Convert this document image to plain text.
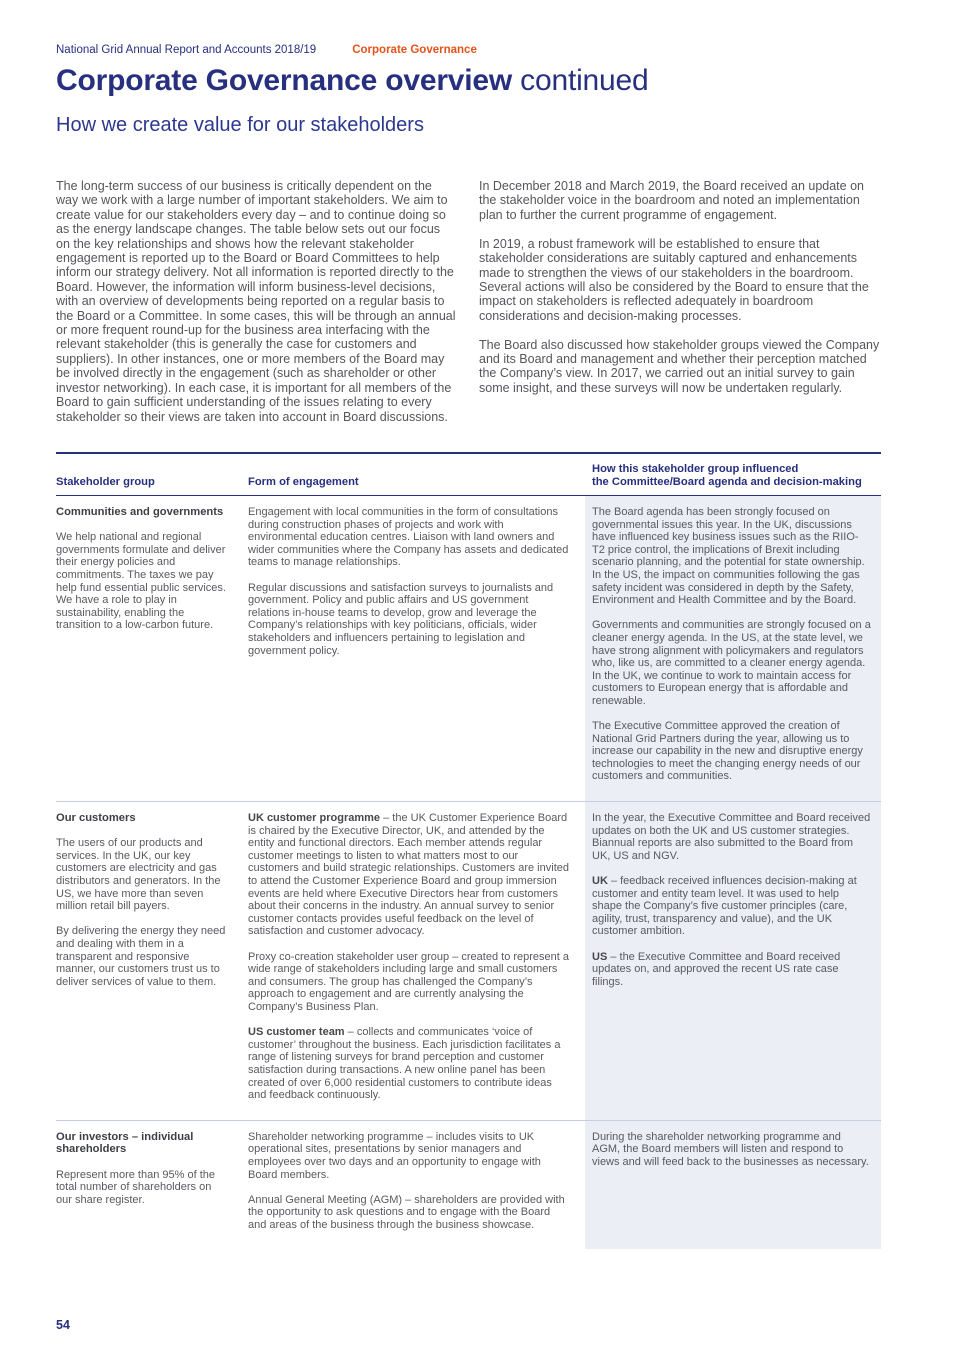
National Grid Annual Report and Accounts 2018/19	Corporate Governance
Corporate Governance overview continued
How we create value for our stakeholders

The long-term success of our business is critically dependent on the way we work with a large number of important stakeholders. We aim to create value for our stakeholders every day – and to continue doing so as the energy landscape changes. The table below sets out our focus on the key relationships and shows how the relevant stakeholder engagement is reported up to the Board or Board Committees to help inform our strategy delivery. Not all information is reported directly to the Board. However, the information will inform business-level decisions, with an overview of developments being reported on a regular basis to the Board or a Committee. In some cases, this will be through an annual or more frequent round-up for the business area interfacing with the relevant stakeholder (this is generally the case for customers and suppliers). In other instances, one or more members of the Board may be involved directly in the engagement (such as shareholder or other investor networking). In each case, it is important for all members of the Board to gain sufficient understanding of the issues relating to every stakeholder so their views are taken into account in Board discussions.

In December 2018 and March 2019, the Board received an update on the stakeholder voice in the boardroom and noted an implementation plan to further the current programme of engagement.

In 2019, a robust framework will be established to ensure that stakeholder considerations are suitably captured and enhancements made to strengthen the views of our stakeholders in the boardroom. Several actions will also be considered by the Board to ensure that the impact on stakeholders is reflected adequately in boardroom considerations and decision-making processes.

The Board also discussed how stakeholder groups viewed the Company and its Board and management and whether their perception matched the Company’s view. In 2017, we carried out an initial survey to gain some insight, and these surveys will now be undertaken regularly.

Stakeholder group	Form of engagement
How this stakeholder group influenced
the Committee/Board agenda and decision-making

Communities and governments

We help national and regional governments formulate and deliver their energy policies and commitments. The taxes we pay help fund essential public services. We have a role to play in sustainability, enabling the transition to a low-carbon future.

Engagement with local communities in the form of consultations during construction phases of projects and work with environmental education centres. Liaison with land owners and wider communities where the Company has assets and dedicated teams to manage relationships.

Regular discussions and satisfaction surveys to journalists and government. Policy and public affairs and US government relations in-house teams to develop, grow and leverage the Company’s relationships with key politicians, officials, wider stakeholders and influencers pertaining to legislation and government policy.

The Board agenda has been strongly focused on governmental issues this year. In the UK, discussions have influenced key business issues such as the RIIO-T2 price control, the implications of Brexit including scenario planning, and the potential for state ownership. In the US, the impact on communities following the gas safety incident was considered in depth by the Safety, Environment and Health Committee and by the Board.

Governments and communities are strongly focused on a cleaner energy agenda. In the US, at the state level, we have strong alignment with policymakers and regulators who, like us, are committed to a cleaner energy agenda. In the UK, we continue to work to maintain access for customers to European energy that is affordable and renewable.

The Executive Committee approved the creation of National Grid Partners during the year, allowing us to increase our capability in the new and disruptive energy technologies to meet the changing energy needs of our customers and communities.

Our customers

The users of our products and services. In the UK, our key customers are electricity and gas distributors and generators. In the US, we have more than seven million retail bill payers.

By delivering the energy they need and dealing with them in a transparent and responsive manner, our customers trust us to deliver services of value to them.

UK customer programme – the UK Customer Experience Board is chaired by the Executive Director, UK, and attended by the entity and functional directors. Each member attends regular customer meetings to listen to what matters most to our customers and build strategic relationships. Customers are invited to attend the Customer Experience Board and group immersion events are held where Executive Directors hear from customers about their concerns in the industry. An annual survey to senior customer contacts provides useful feedback on the level of satisfaction and customer advocacy.

Proxy co-creation stakeholder user group – created to represent a wide range of stakeholders including large and small customers and consumers. The group has challenged the Company’s approach to engagement and are currently analysing the Company’s Business Plan.

US customer team – collects and communicates ‘voice of customer’ throughout the business. Each jurisdiction facilitates a range of listening surveys for brand perception and customer satisfaction during transactions. A new online panel has been created of over 6,000 residential customers to contribute ideas and feedback continuously.

In the year, the Executive Committee and Board received updates on both the UK and US customer strategies. Biannual reports are also submitted to the Board from UK, US and NGV.

UK – feedback received influences decision-making at customer and entity team level. It was used to help shape the Company’s five customer principles (care, agility, trust, transparency and value), and the UK customer ambition.

US – the Executive Committee and Board received updates on, and approved the recent US rate case filings.

Our investors – individual shareholders

Represent more than 95% of the total number of shareholders on our share register.

Shareholder networking programme – includes visits to UK operational sites, presentations by senior managers and employees over two days and an opportunity to engage with Board members.

Annual General Meeting (AGM) – shareholders are provided with the opportunity to ask questions and to engage with the Board and areas of the business through the business showcase.

During the shareholder networking programme and AGM, the Board members will listen and respond to views and will feed back to the businesses as necessary.

54
